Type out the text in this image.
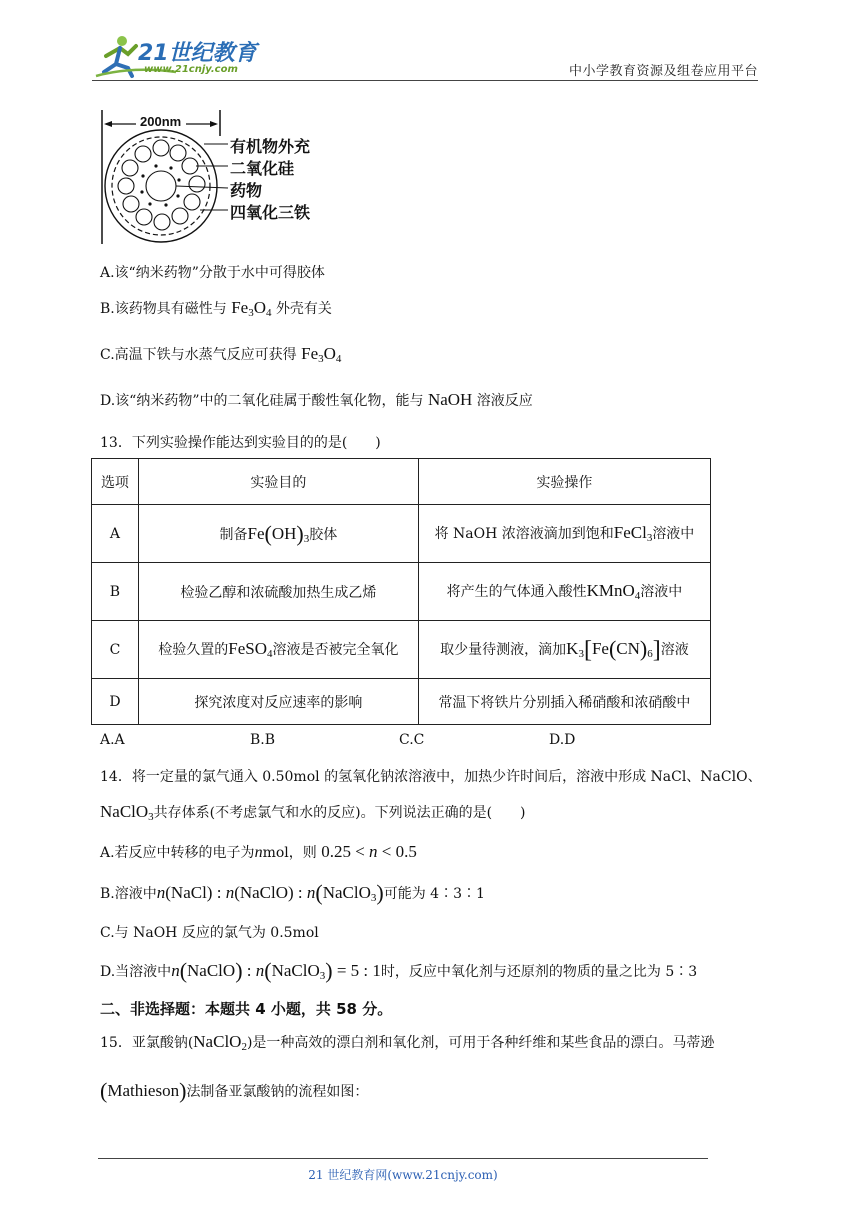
21世纪教育
www.21cnjy.com	中小学教育资源及组卷应用平台
200nm
有机物外充
二氧化硅
药物
四氧化三铁
A.该“纳米药物”分散于水中可得胶体
B.该药物具有磁性与 $Fe_3O_4$ 外壳有关
C.高温下铁与水蒸气反应可获得 $Fe_3O_4$
D.该“纳米药物”中的二氧化硅属于酸性氧化物，能与 NaOH 溶液反应
13．下列实验操作能达到实验目的的是(　　)
选项	实验目的	实验操作
A	制备$Fe(OH)_3$胶体	将 NaOH 浓溶液滴加到饱和FeCl$_3$溶液中
B	检验乙醇和浓硫酸加热生成乙烯	将产生的气体通入酸性KMnO$_4$溶液中
C	检验久置的FeSO$_4$溶液是否被完全氧化	取少量待测液，滴加$K_3[Fe(CN)_6]$溶液
D	探究浓度对反应速率的影响	常温下将铁片分别插入稀硝酸和浓硝酸中
A.A	B.B	C.C	D.D
14．将一定量的氯气通入 0.50mol 的氢氧化钠浓溶液中，加热少许时间后，溶液中形成 NaCl、NaClO、
NaClO$_3$共存体系(不考虑氯气和水的反应)。下列说法正确的是(　　)
A.若反应中转移的电子为nmol，则 0.25 < n < 0.5
B.溶液中n(NaCl) : n(NaClO) : n(NaClO$_3$)可能为 4∶3∶1
C.与 NaOH 反应的氯气为 0.5mol
D.当溶液中n(NaClO) : n(NaClO$_3$) = 5 : 1时，反应中氧化剂与还原剂的物质的量之比为 5∶3
二、非选择题：本题共 4 小题，共 58 分。
15．亚氯酸钠(NaClO$_2$)是一种高效的漂白剂和氧化剂，可用于各种纤维和某些食品的漂白。马蒂逊
(Mathieson)法制备亚氯酸钠的流程如图：
21 世纪教育网(www.21cnjy.com)
